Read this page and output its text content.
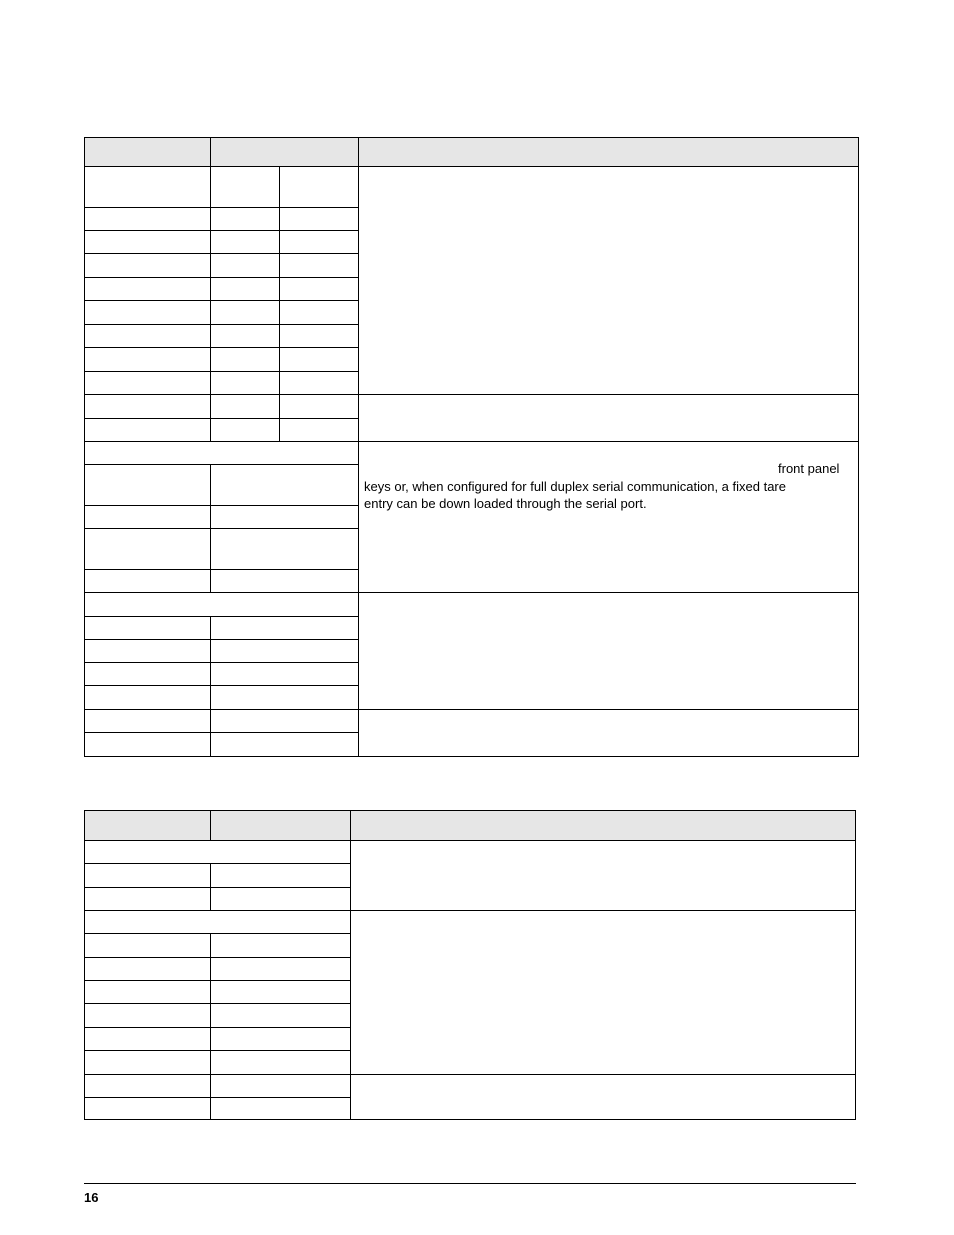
front panel
keys or, when configured for full duplex serial communication, a fixed tare
entry can be down loaded through the serial port.
16
